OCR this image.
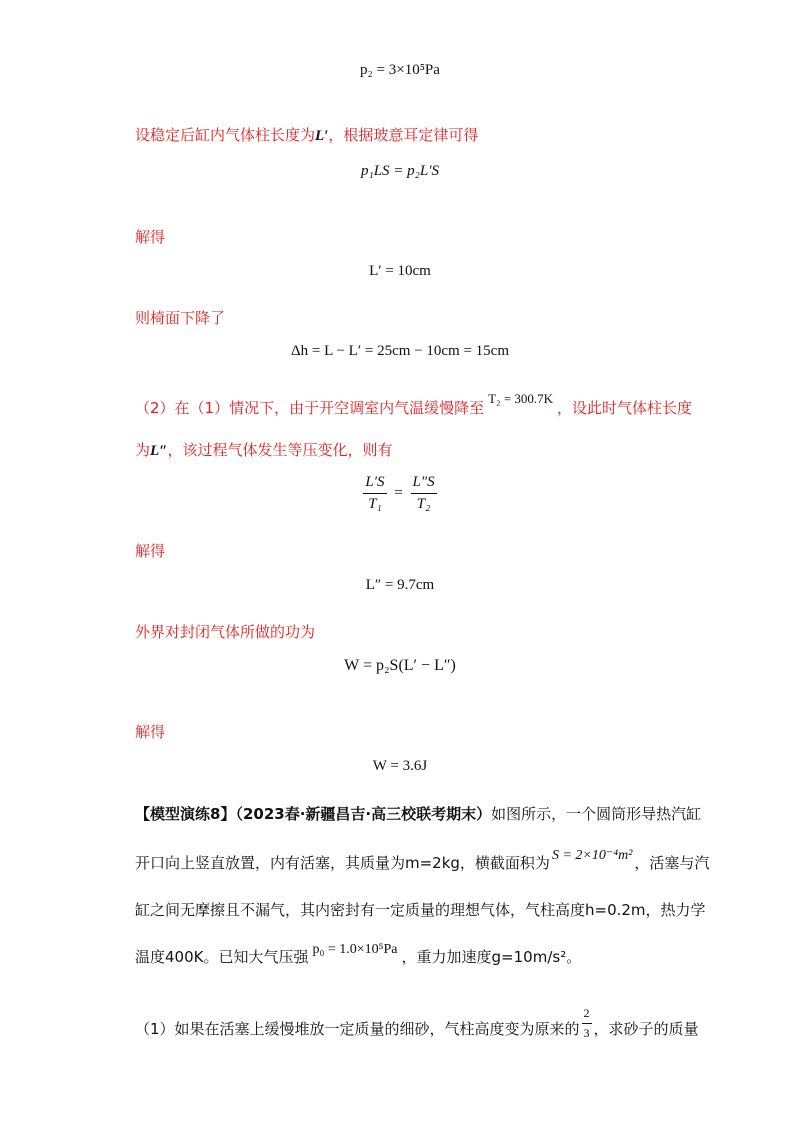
p₂ = 3×10⁵Pa
设稳定后缸内气体柱长度为L′，根据玻意耳定律可得
p₁LS = p₂L′S
解得
L′ = 10cm
则椅面下降了
Δh = L − L′ = 25cm − 10cm = 15cm
（2）在（1）情况下，由于开空调室内气温缓慢降至T₂ = 300.7K，设此时气体柱长度
为L″，该过程气体发生等压变化，则有
$\frac{L'S}{\text{T₁}} = \frac{L''S}{\text{T₂}}$
解得
L″ = 9.7cm
外界对封闭气体所做的功为
W = p₂S(L′ − L″)
解得
W = 3.6J
【模型演练8】（2023春·新疆昌吉·高三校联考期末）如图所示，一个圆筒形导热汽缸
开口向上竖直放置，内有活塞，其质量为m=2kg，横截面积为 S = 2×10⁻⁴m² ，活塞与汽
缸之间无摩擦且不漏气，其内密封有一定质量的理想气体，气柱高度h=0.2m，热力学
温度400K。已知大气压强 p₀ = 1.0×10⁵Pa ，重力加速度g=10m/s²。
（1）如果在活塞上缓慢堆放一定质量的细砂，气柱高度变为原来的 $\frac{2}{3}$ ，求砂子的质量
